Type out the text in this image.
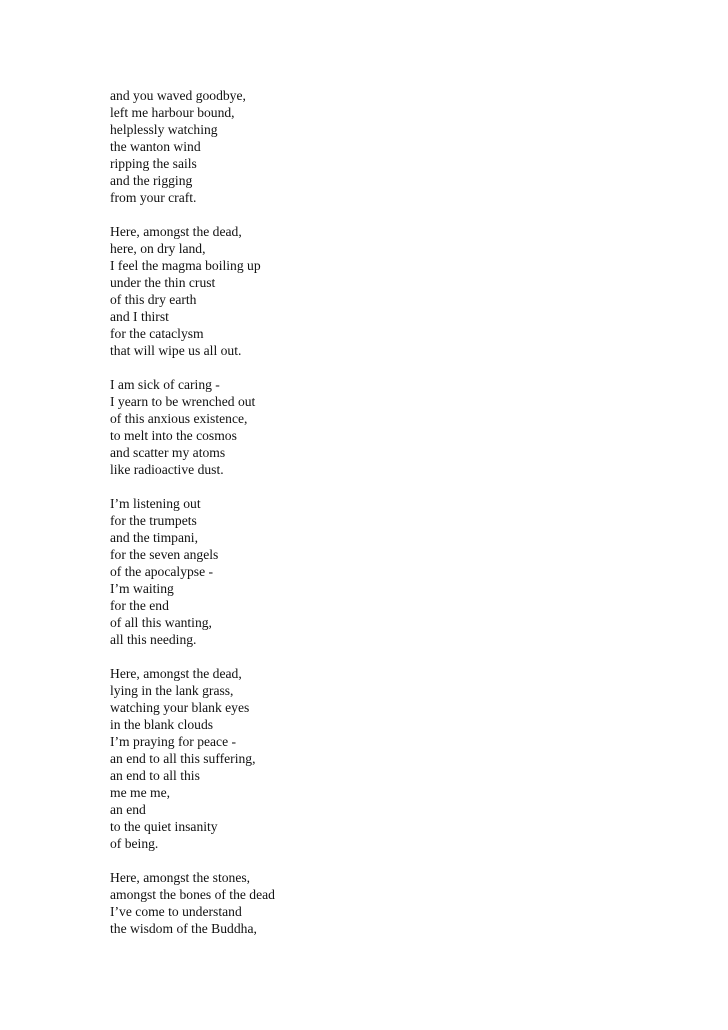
and you waved goodbye,
left me harbour bound,
helplessly watching
the wanton wind
ripping the sails
and the rigging
from your craft.
Here, amongst the dead,
here, on dry land,
I feel the magma boiling up
under the thin crust
of this dry earth
and I thirst
for the cataclysm
that will wipe us all out.
I am sick of caring -
I yearn to be wrenched out
of this anxious existence,
to melt into the cosmos
and scatter my atoms
like radioactive dust.
I’m listening out
for the trumpets
and the timpani,
for the seven angels
of the apocalypse -
I’m waiting
for the end
of all this wanting,
all this needing.
Here, amongst the dead,
lying in the lank grass,
watching your blank eyes
in the blank clouds
I’m praying for peace -
an end to all this suffering,
an end to all this
me me me,
an end
to the quiet insanity
of being.
Here, amongst the stones,
amongst the bones of the dead
I’ve come to understand
the wisdom of the Buddha,
